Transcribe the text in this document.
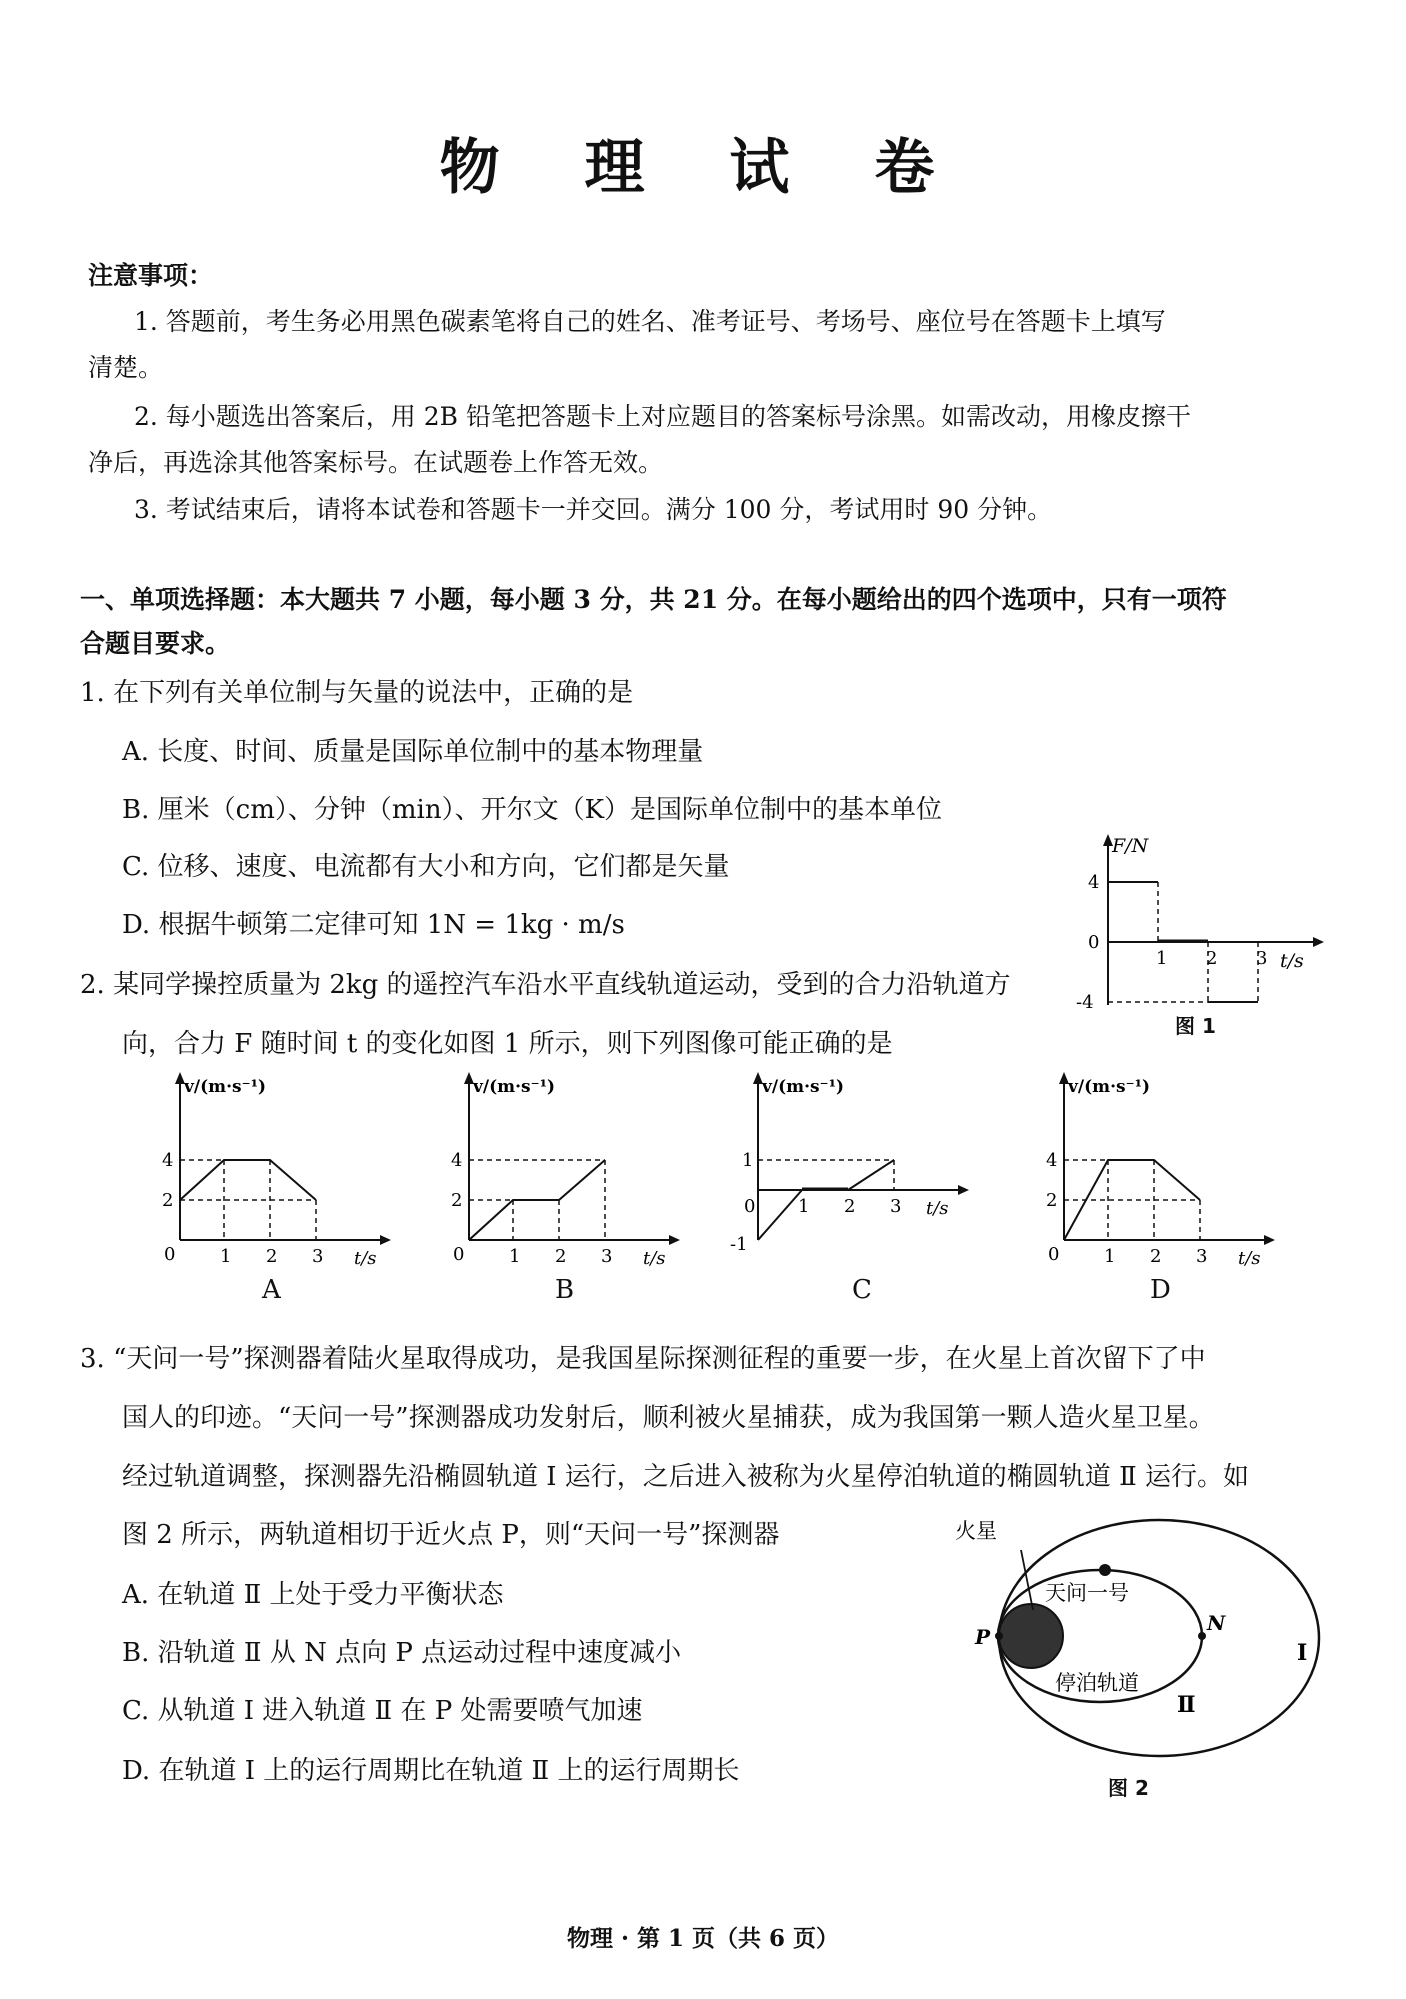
物 理 试 卷
注意事项：
1. 答题前，考生务必用黑色碳素笔将自己的姓名、准考证号、考场号、座位号在答题卡上填写
清楚。
2. 每小题选出答案后，用 2B 铅笔把答题卡上对应题目的答案标号涂黑。如需改动，用橡皮擦干
净后，再选涂其他答案标号。在试题卷上作答无效。
3. 考试结束后，请将本试卷和答题卡一并交回。满分 100 分，考试用时 90 分钟。
一、单项选择题：本大题共 7 小题，每小题 3 分，共 21 分。在每小题给出的四个选项中，只有一项符
合题目要求。
1. 在下列有关单位制与矢量的说法中，正确的是
A. 长度、时间、质量是国际单位制中的基本物理量
B. 厘米（cm）、分钟（min）、开尔文（K）是国际单位制中的基本单位
C. 位移、速度、电流都有大小和方向，它们都是矢量
D. 根据牛顿第二定律可知 1N = 1kg · m/s
2. 某同学操控质量为 2kg 的遥控汽车沿水平直线轨道运动，受到的合力沿轨道方
向，合力 F 随时间 t 的变化如图 1 所示，则下列图像可能正确的是
F/N
t/s
4
0
-4
1 2 3
图 1
v/(m·s⁻¹)
t/s
4
2
0 1 2 3
A
v/(m·s⁻¹)
t/s
4
2
0 1 2 3
B
v/(m·s⁻¹)
t/s
1
-1
0 1 2 3
C
v/(m·s⁻¹)
t/s
4
2
0 1 2 3
D
3. “天问一号”探测器着陆火星取得成功，是我国星际探测征程的重要一步，在火星上首次留下了中
国人的印迹。“天问一号”探测器成功发射后，顺利被火星捕获，成为我国第一颗人造火星卫星。
经过轨道调整，探测器先沿椭圆轨道 Ⅰ 运行，之后进入被称为火星停泊轨道的椭圆轨道 Ⅱ 运行。如
图 2 所示，两轨道相切于近火点 P，则“天问一号”探测器
A. 在轨道 Ⅱ 上处于受力平衡状态
B. 沿轨道 Ⅱ 从 N 点向 P 点运动过程中速度减小
C. 从轨道 Ⅰ 进入轨道 Ⅱ 在 P 处需要喷气加速
D. 在轨道 Ⅰ 上的运行周期比在轨道 Ⅱ 上的运行周期长
火星
天问一号
P
N
停泊轨道
Ⅱ
Ⅰ
图 2
物理 · 第 1 页（共 6 页）
